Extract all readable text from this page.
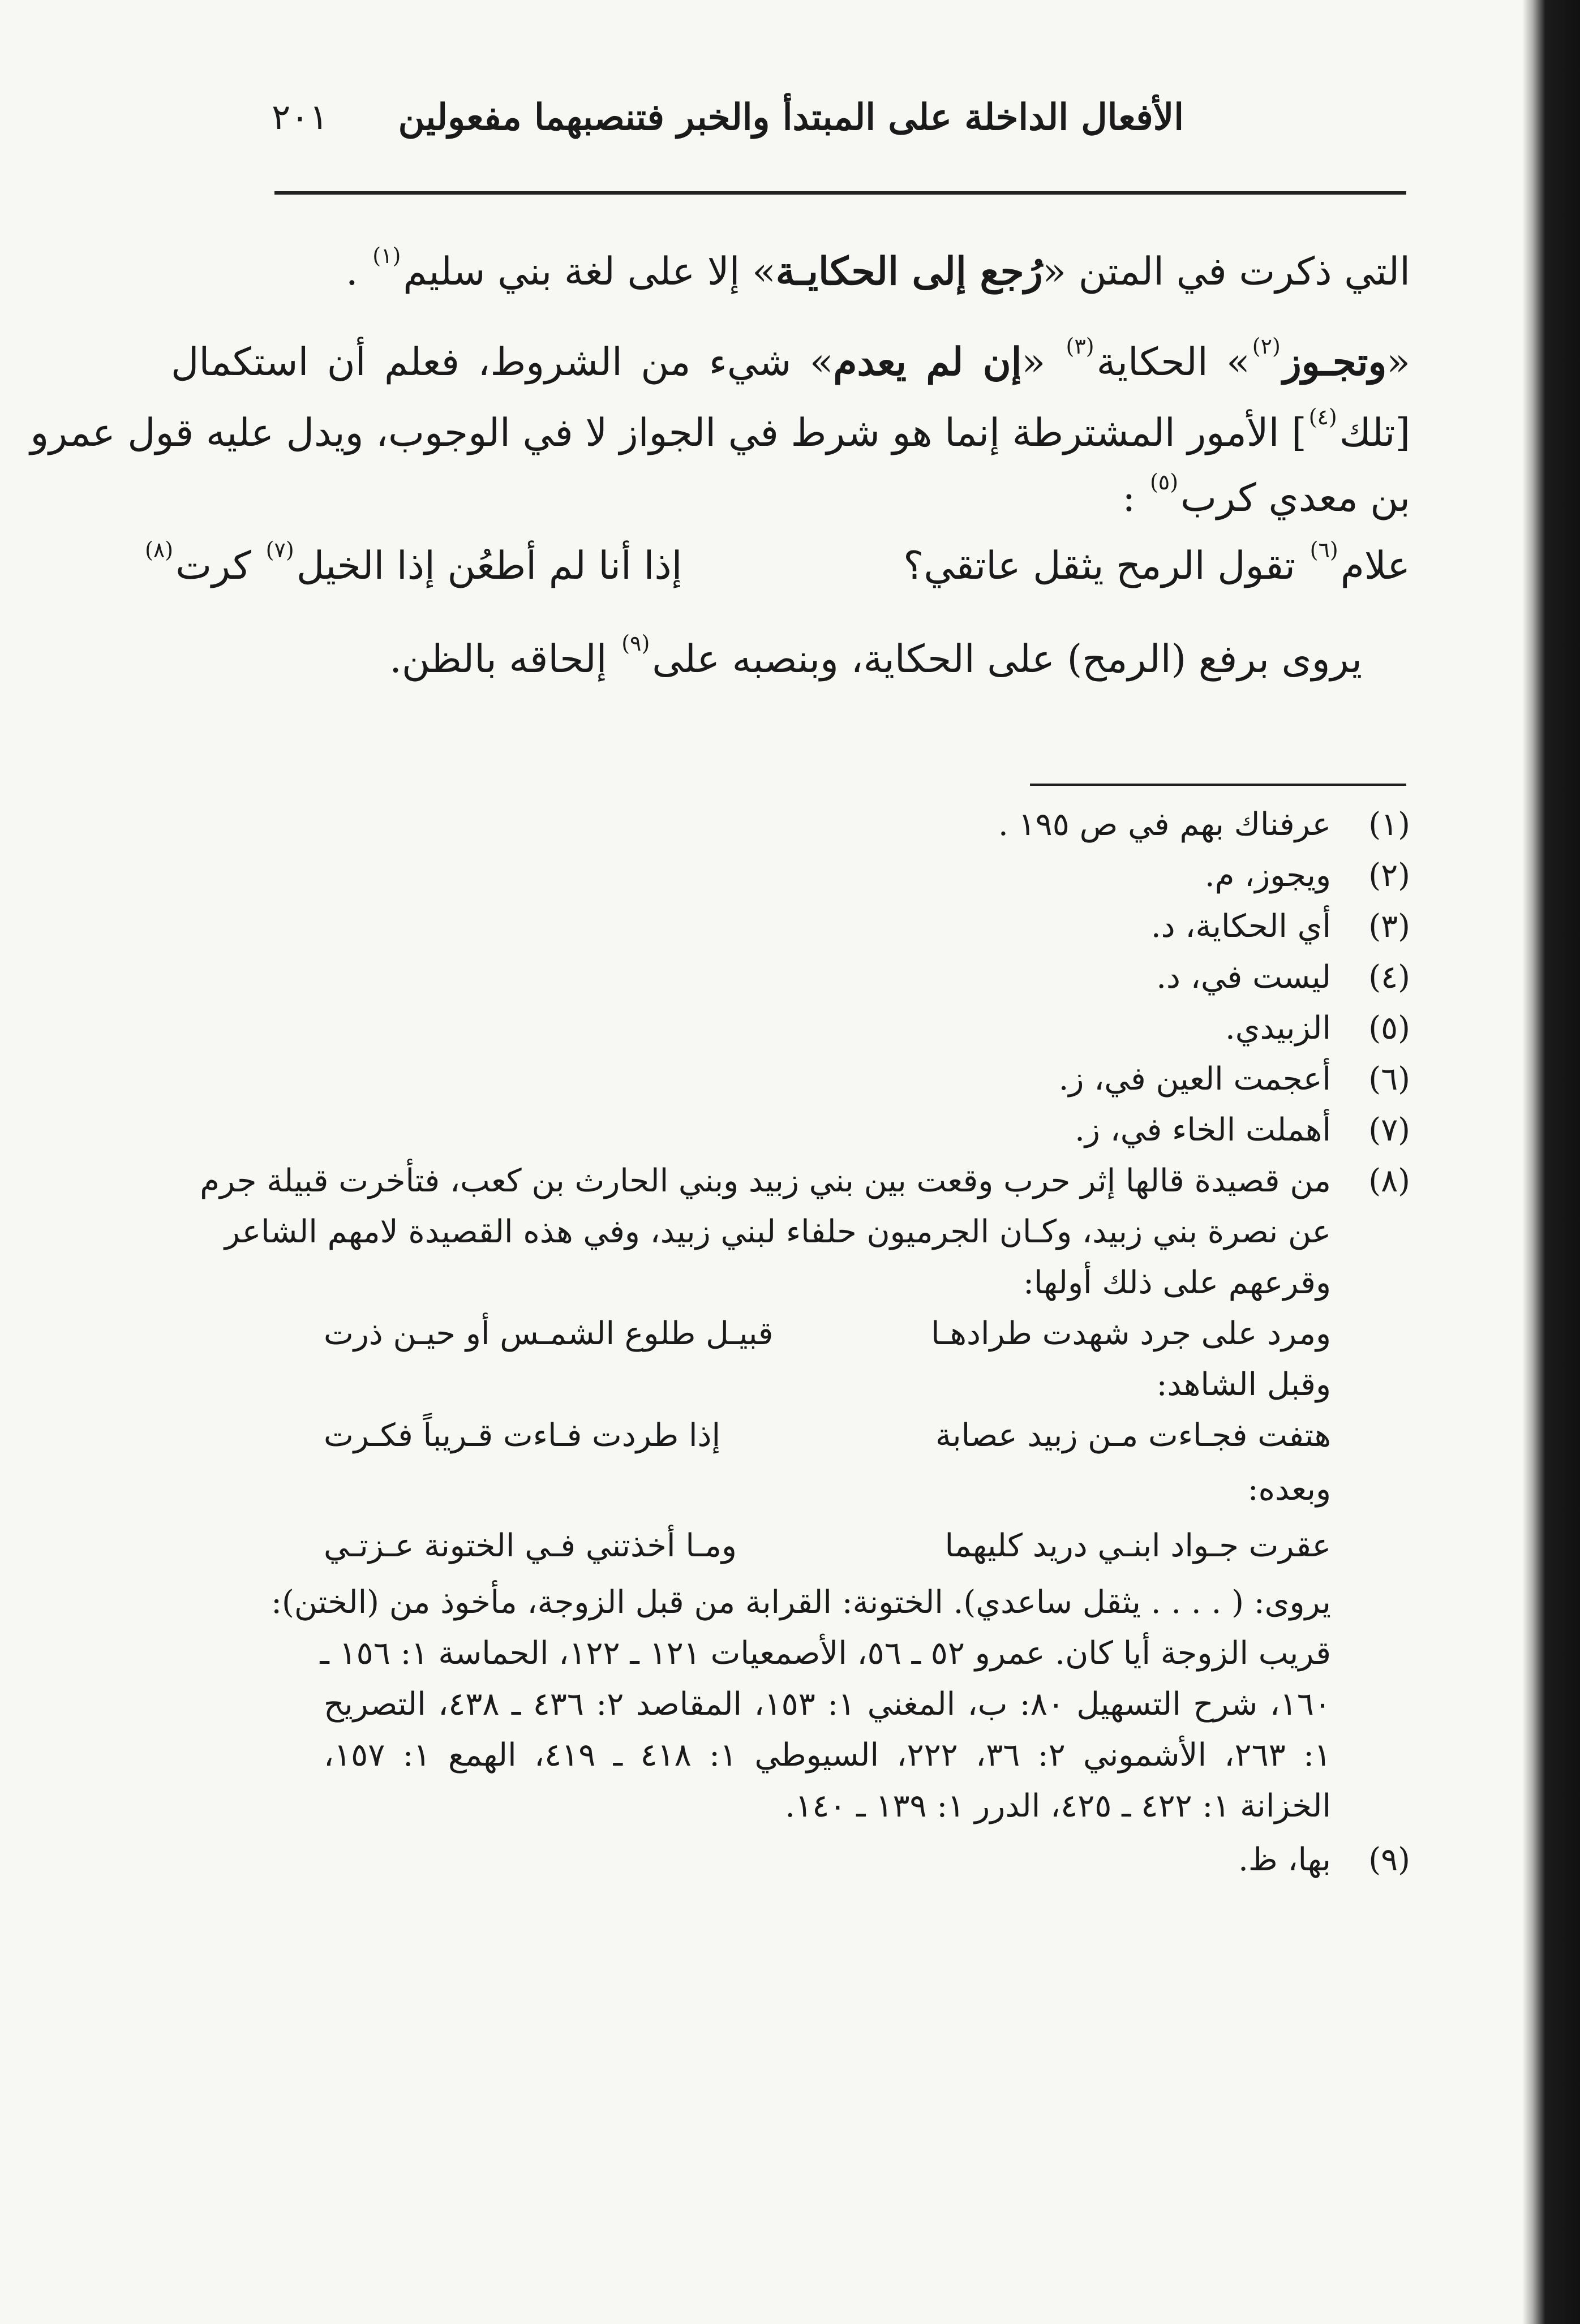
الأفعال الداخلة على المبتدأ والخبر فتنصبهما مفعولين
٢٠١
التي ذكرت في المتن «رُجع إلى الحكايـة» إلا على لغة بني سليم$^{(١)}$ .
«وتجـوز$^{(٢)}$» الحكاية$^{(٣)}$ «إن لم يعدم» شيء من الشروط، فعلم أن استكمال
[تلك$^{(٤)}$] الأمور المشترطة إنما هو شرط في الجواز لا في الوجوب، ويدل عليه قول عمرو
بن معدي كرب$^{(٥)}$ :
علام$^{(٦)}$ تقول الرمح يثقل عاتقي؟
إذا أنا لم أطعُن إذا الخيل$^{(٧)}$ كرت$^{(٨)}$
يروى برفع (الرمح) على الحكاية، وبنصبه على$^{(٩)}$ إلحاقه بالظن.
(١)
عرفناك بهم في ص ١٩٥ .
(٢)
ويجوز، م.
(٣)
أي الحكاية، د.
(٤)
ليست في، د.
(٥)
الزبيدي.
(٦)
أعجمت العين في، ز.
(٧)
أهملت الخاء في، ز.
(٨)
من قصيدة قالها إثر حرب وقعت بين بني زبيد وبني الحارث بن كعب، فتأخرت قبيلة جرم
عن نصرة بني زبيد، وكـان الجرميون حلفاء لبني زبيد، وفي هذه القصيدة لامهم الشاعر
وقرعهم على ذلك أولها:
ومرد على جرد شهدت طرادهـا
قبيـل طلوع الشمـس أو حيـن ذرت
وقبل الشاهد:
هتفت فجـاءت مـن زبيد عصابة
إذا طردت فـاءت قـريباً فكـرت
وبعده:
عقرت جـواد ابنـي دريد كليهما
ومـا أخذتني فـي الختونة عـزتـي
يروى: ( . . . . يثقل ساعدي). الختونة: القرابة من قبل الزوجة، مأخوذ من (الختن):
قريب الزوجة أيا كان. عمرو ٥٢ ـ ٥٦، الأصمعيات ١٢١ ـ ١٢٢، الحماسة ١: ١٥٦ ـ
١٦٠، شرح التسهيل ٨٠: ب، المغني ١: ١٥٣، المقاصد ٢: ٤٣٦ ـ ٤٣٨، التصريح
١: ٢٦٣، الأشموني ٢: ٣٦، ٢٢٢، السيوطي ١: ٤١٨ ـ ٤١٩، الهمع ١: ١٥٧،
الخزانة ١: ٤٢٢ ـ ٤٢٥، الدرر ١: ١٣٩ ـ ١٤٠.
(٩)
بها، ظ.
